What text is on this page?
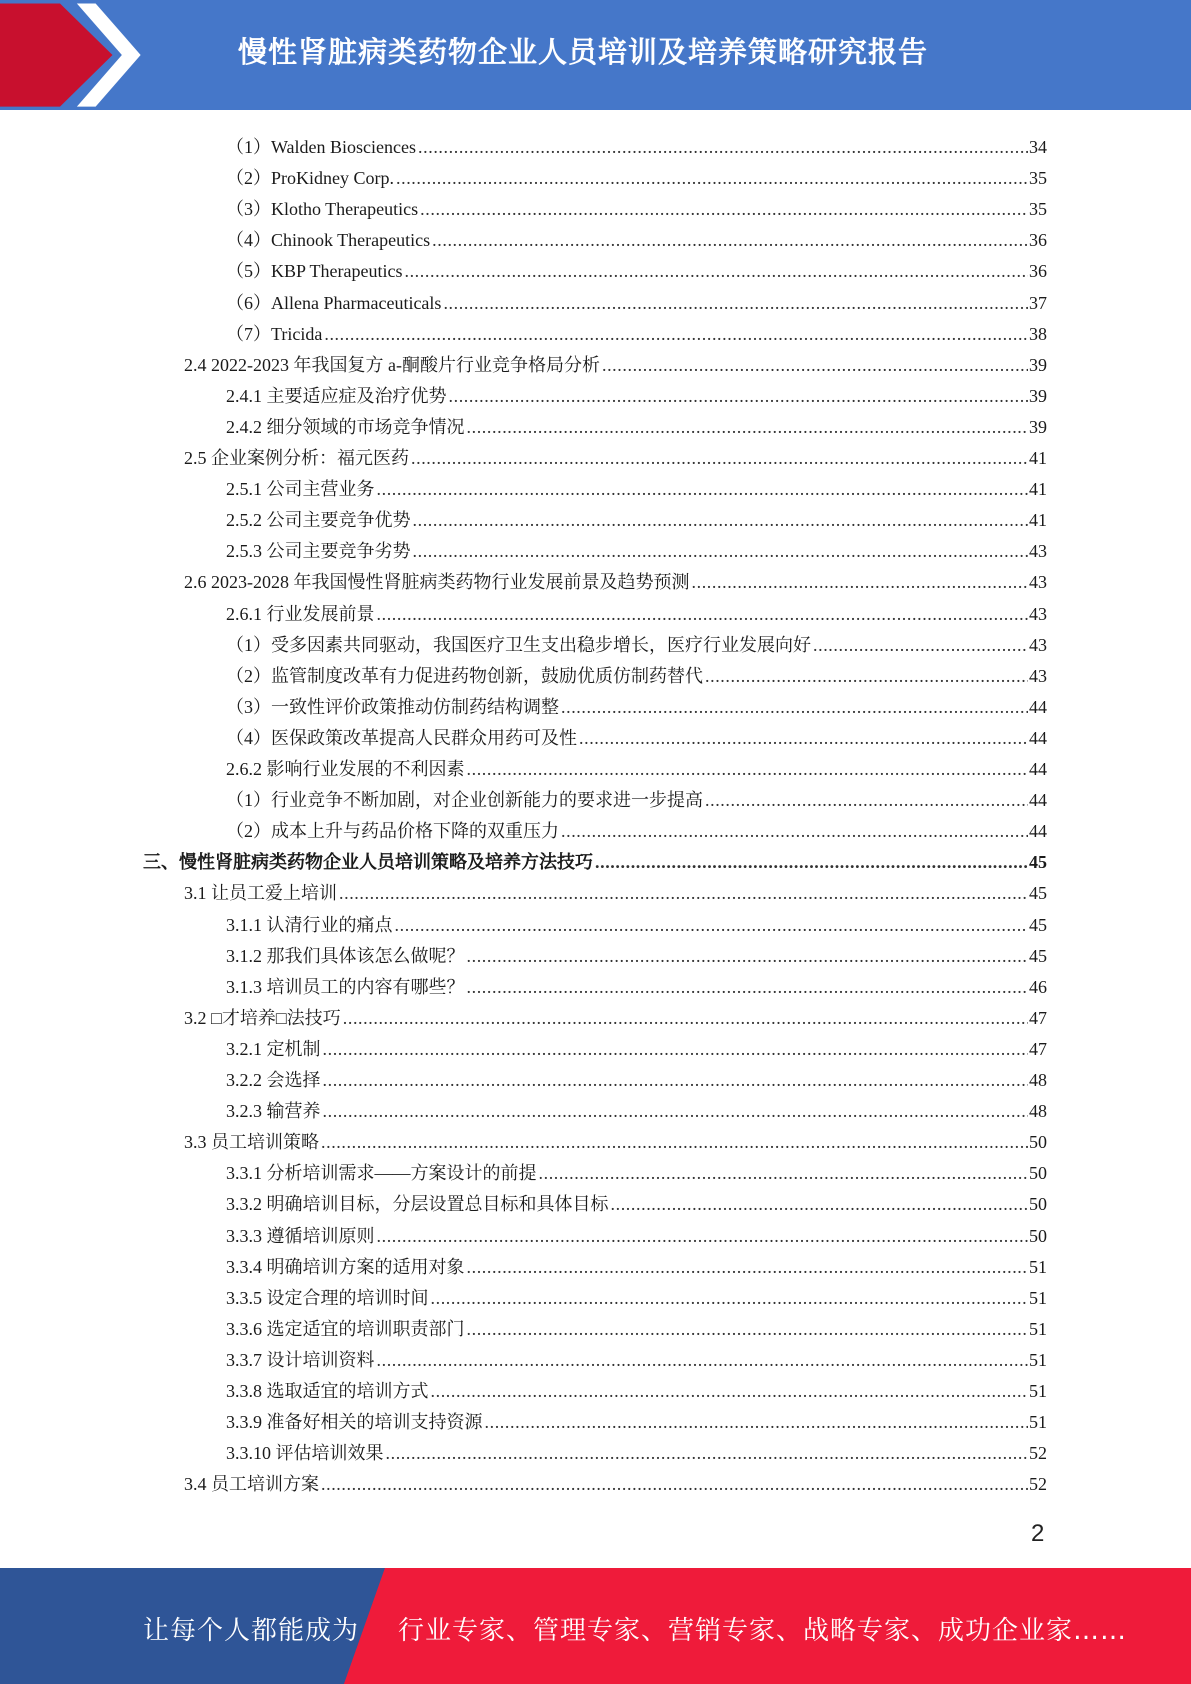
慢性肾脏病类药物企业人员培训及培养策略研究报告
（1）Walden Biosciences .....	34
（2）ProKidney Corp. .....	35
（3）Klotho Therapeutics .....	35
（4）Chinook Therapeutics .....	36
（5）KBP Therapeutics .....	36
（6）Allena Pharmaceuticals .....	37
（7）Tricida .....	38
2.4 2022-2023 年我国复方 a-酮酸片行业竞争格局分析 .....	39
2.4.1 主要适应症及治疗优势 .....	39
2.4.2 细分领域的市场竞争情况 .....	39
2.5 企业案例分析：福元医药 .....	41
2.5.1 公司主营业务 .....	41
2.5.2 公司主要竞争优势 .....	41
2.5.3 公司主要竞争劣势 .....	43
2.6 2023-2028 年我国慢性肾脏病类药物行业发展前景及趋势预测 .....	43
2.6.1 行业发展前景 .....	43
（1）受多因素共同驱动，我国医疗卫生支出稳步增长，医疗行业发展向好 .....	43
（2）监管制度改革有力促进药物创新，鼓励优质仿制药替代 .....	43
（3）一致性评价政策推动仿制药结构调整 .....	44
（4）医保政策改革提高人民群众用药可及性 .....	44
2.6.2 影响行业发展的不利因素 .....	44
（1）行业竞争不断加剧，对企业创新能力的要求进一步提高 .....	44
（2）成本上升与药品价格下降的双重压力 .....	44
三、慢性肾脏病类药物企业人员培训策略及培养方法技巧 .....	45
3.1 让员工爱上培训 .....	45
3.1.1 认清行业的痛点 .....	45
3.1.2 那我们具体该怎么做呢？ .....	45
3.1.3 培训员工的内容有哪些？ .....	46
3.2 □才培养□法技巧 .....	47
3.2.1 定机制 .....	47
3.2.2 会选择 .....	48
3.2.3 输营养 .....	48
3.3 员工培训策略 .....	50
3.3.1 分析培训需求——方案设计的前提 .....	50
3.3.2 明确培训目标，分层设置总目标和具体目标 .....	50
3.3.3 遵循培训原则 .....	50
3.3.4 明确培训方案的适用对象 .....	51
3.3.5 设定合理的培训时间 .....	51
3.3.6 选定适宜的培训职责部门 .....	51
3.3.7 设计培训资料 .....	51
3.3.8 选取适宜的培训方式 .....	51
3.3.9 准备好相关的培训支持资源 .....	51
3.3.10 评估培训效果 .....	52
3.4 员工培训方案 .....	52
2
让每个人都能成为 行业专家、管理专家、营销专家、战略专家、成功企业家……
